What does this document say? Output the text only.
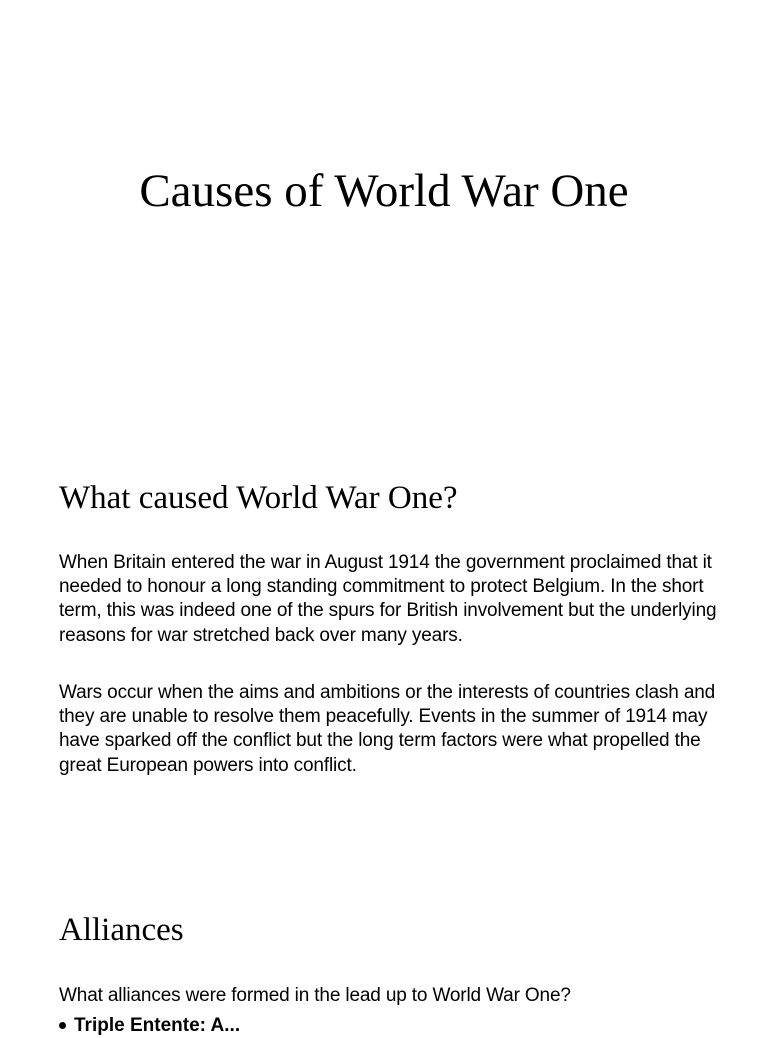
Causes of World War One
What caused World War One?

When Britain entered the war in August 1914 the government proclaimed that it needed to honour a long standing commitment to protect Belgium. In the short term, this was indeed one of the spurs for British involvement but the underlying reasons for war stretched back over many years.

Wars occur when the aims and ambitions or the interests of countries clash and they are unable to resolve them peacefully. Events in the summer of 1914 may have sparked off the conflict but the long term factors were what propelled the great European powers into conflict.

Alliances

What alliances were formed in the lead up to World War One?

Triple Entente: A...
